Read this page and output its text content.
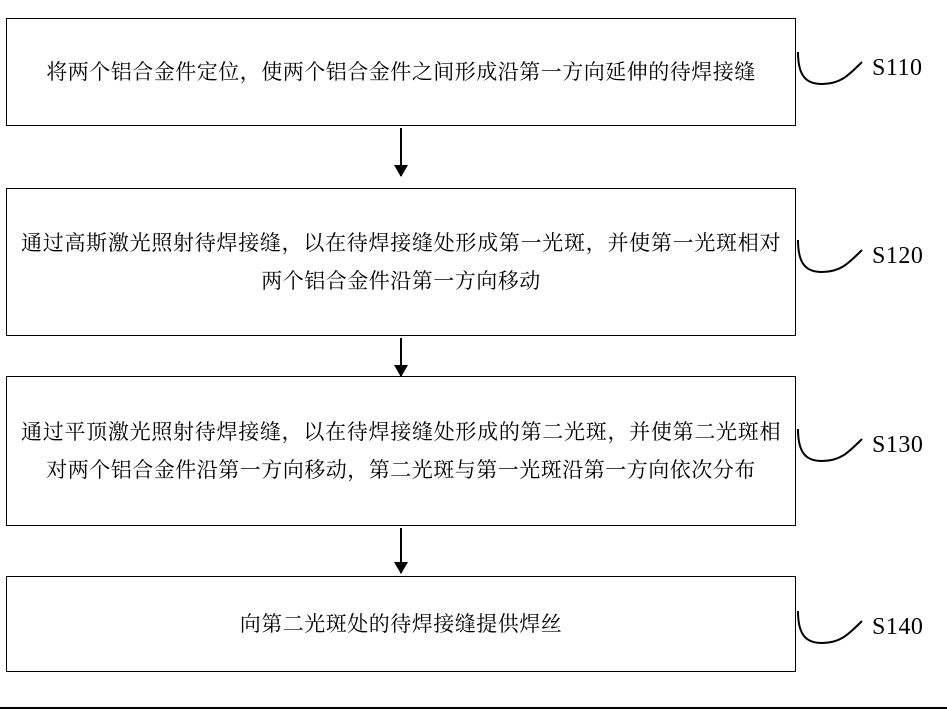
将两个铝合金件定位，使两个铝合金件之间形成沿第一方向延伸的待焊接缝	S110
通过高斯激光照射待焊接缝，以在待焊接缝处形成第一光斑，并使第一光斑相对两个铝合金件沿第一方向移动
S120
通过平顶激光照射待焊接缝，以在待焊接缝处形成的第二光斑，并使第二光斑相对两个铝合金件沿第一方向移动，第二光斑与第一光斑沿第一方向依次分布
S130
向第二光斑处的待焊接缝提供焊丝	S140
